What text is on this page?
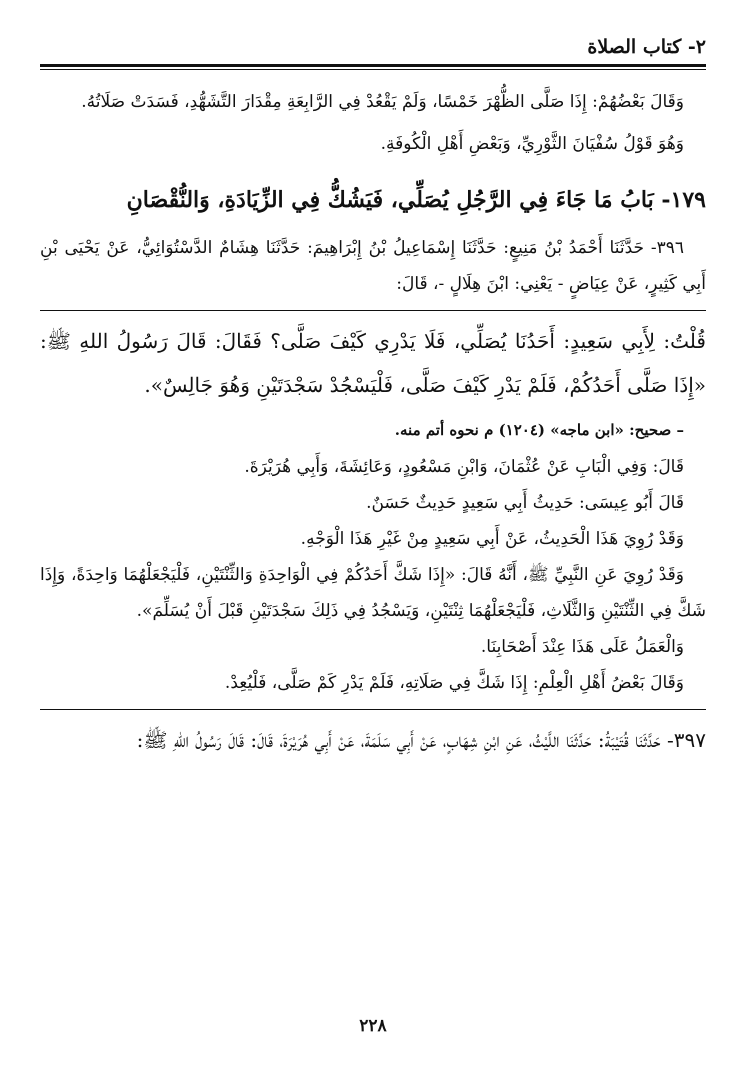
٢- كتاب الصلاة

وَقَالَ بَعْضُهُمْ: إِذَا صَلَّى الظُّهْرَ خَمْسًا، وَلَمْ يَقْعُدْ فِي الرَّابِعَةِ مِقْدَارَ التَّشَهُّدِ، فَسَدَتْ صَلَاتُهُ.

وَهُوَ قَوْلُ سُفْيَانَ الثَّوْرِيِّ، وَبَعْضِ أَهْلِ الْكُوفَةِ.

١٧٩- بَابُ مَا جَاءَ فِي الرَّجُلِ يُصَلِّي، فَيَشُكُّ فِي الزِّيَادَةِ، وَالنُّقْصَانِ

٣٩٦- حَدَّثَنَا أَحْمَدُ بْنُ مَنِيعٍ: حَدَّثَنَا إِسْمَاعِيلُ بْنُ إِبْرَاهِيمَ: حَدَّثَنَا هِشَامٌ الدَّسْتُوَائِيُّ، عَنْ يَحْيَى بْنِ أَبِي كَثِيرٍ، عَنْ عِيَاضٍ - يَعْنِي: ابْنَ هِلَالٍ -، قَالَ:

قُلْتُ: لِأَبِي سَعِيدٍ: أَحَدُنَا يُصَلِّي، فَلَا يَدْرِي كَيْفَ صَلَّى؟ فَقَالَ: قَالَ رَسُولُ اللهِ ﷺ: «إِذَا صَلَّى أَحَدُكُمْ، فَلَمْ يَدْرِ كَيْفَ صَلَّى، فَلْيَسْجُدْ سَجْدَتَيْنِ وَهُوَ جَالِسٌ».

– صحيح: «ابن ماجه» (١٢٠٤) م نحوه أتم منه.

قَالَ: وَفِي الْبَابِ عَنْ عُثْمَانَ، وَابْنِ مَسْعُودٍ، وَعَائِشَةَ، وَأَبِي هُرَيْرَةَ.

قَالَ أَبُو عِيسَى: حَدِيثُ أَبِي سَعِيدٍ حَدِيثٌ حَسَنٌ.

وَقَدْ رُوِيَ هَذَا الْحَدِيثُ، عَنْ أَبِي سَعِيدٍ مِنْ غَيْرِ هَذَا الْوَجْهِ.

وَقَدْ رُوِيَ عَنِ النَّبِيِّ ﷺ، أَنَّهُ قَالَ: «إِذَا شَكَّ أَحَدُكُمْ فِي الْوَاحِدَةِ وَالثِّنْتَيْنِ، فَلْيَجْعَلْهُمَا وَاحِدَةً، وَإِذَا شَكَّ فِي الثِّنْتَيْنِ وَالثَّلَاثِ، فَلْيَجْعَلْهُمَا ثِنْتَيْنِ، وَيَسْجُدُ فِي ذَلِكَ سَجْدَتَيْنِ قَبْلَ أَنْ يُسَلِّمَ».

وَالْعَمَلُ عَلَى هَذَا عِنْدَ أَصْحَابِنَا.

وَقَالَ بَعْضُ أَهْلِ الْعِلْمِ: إِذَا شَكَّ فِي صَلَاتِهِ، فَلَمْ يَدْرِ كَمْ صَلَّى، فَلْيُعِدْ.

٣٩٧- حَدَّثَنَا قُتَيْبَةُ: حَدَّثَنَا اللَّيْثُ، عَنِ ابْنِ شِهَابٍ، عَنْ أَبِي سَلَمَةَ، عَنْ أَبِي هُرَيْرَةَ، قَالَ: قَالَ رَسُولُ اللهِ ﷺ:

٢٢٨
